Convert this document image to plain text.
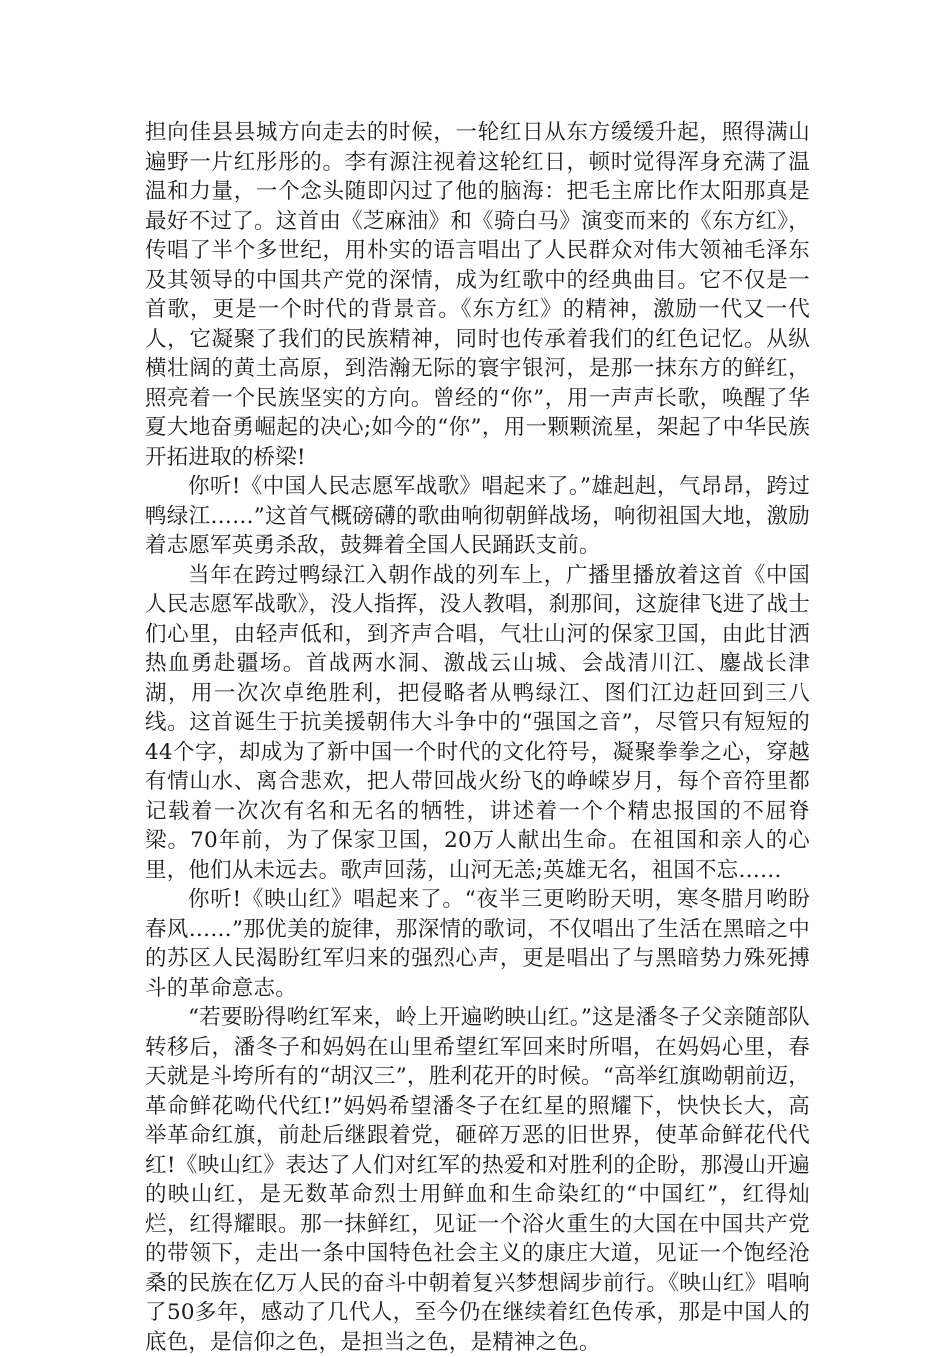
担向佳县县城方向走去的时候，一轮红日从东方缓缓升起，照得满山遍野一片红彤彤的。李有源注视着这轮红日，顿时觉得浑身充满了温温和力量，一个念头随即闪过了他的脑海：把毛主席比作太阳那真是最好不过了。这首由《芝麻油》和《骑白马》演变而来的《东方红》，传唱了半个多世纪，用朴实的语言唱出了人民群众对伟大领袖毛泽东及其领导的中国共产党的深情，成为红歌中的经典曲目。它不仅是一首歌，更是一个时代的背景音。《东方红》的精神，激励一代又一代人，它凝聚了我们的民族精神，同时也传承着我们的红色记忆。从纵横壮阔的黄土高原，到浩瀚无际的寰宇银河，是那一抹东方的鲜红，照亮着一个民族坚实的方向。曾经的“你”，用一声声长歌，唤醒了华夏大地奋勇崛起的决心;如今的“你”，用一颗颗流星，架起了中华民族开拓进取的桥梁!

你听!《中国人民志愿军战歌》唱起来了。”雄赳赳，气昂昂，跨过鸭绿江……”这首气概磅礴的歌曲响彻朝鲜战场，响彻祖国大地，激励着志愿军英勇杀敌，鼓舞着全国人民踊跃支前。

当年在跨过鸭绿江入朝作战的列车上，广播里播放着这首《中国人民志愿军战歌》，没人指挥，没人教唱，刹那间，这旋律飞进了战士们心里，由轻声低和，到齐声合唱，气壮山河的保家卫国，由此甘洒热血勇赴疆场。首战两水洞、激战云山城、会战清川江、鏖战长津湖，用一次次卓绝胜利，把侵略者从鸭绿江、图们江边赶回到三八线。这首诞生于抗美援朝伟大斗争中的“强国之音”，尽管只有短短的44个字，却成为了新中国一个时代的文化符号，凝聚拳拳之心，穿越有情山水、离合悲欢，把人带回战火纷飞的峥嵘岁月，每个音符里都记载着一次次有名和无名的牺牲，讲述着一个个精忠报国的不屈脊梁。70年前，为了保家卫国，20万人献出生命。在祖国和亲人的心里，他们从未远去。歌声回荡，山河无恙;英雄无名，祖国不忘……

你听!《映山红》唱起来了。“夜半三更哟盼天明，寒冬腊月哟盼春风……”那优美的旋律，那深情的歌词，不仅唱出了生活在黑暗之中的苏区人民渴盼红军归来的强烈心声，更是唱出了与黑暗势力殊死搏斗的革命意志。

“若要盼得哟红军来，岭上开遍哟映山红。”这是潘冬子父亲随部队转移后，潘冬子和妈妈在山里希望红军回来时所唱，在妈妈心里，春天就是斗垮所有的“胡汉三”，胜利花开的时候。“高举红旗呦朝前迈，革命鲜花呦代代红!”妈妈希望潘冬子在红星的照耀下，快快长大，高举革命红旗，前赴后继跟着党，砸碎万恶的旧世界，使革命鲜花代代红!《映山红》表达了人们对红军的热爱和对胜利的企盼，那漫山开遍的映山红，是无数革命烈士用鲜血和生命染红的“中国红”，红得灿烂，红得耀眼。那一抹鲜红，见证一个浴火重生的大国在中国共产党的带领下，走出一条中国特色社会主义的康庄大道，见证一个饱经沧桑的民族在亿万人民的奋斗中朝着复兴梦想阔步前行。《映山红》唱响了50多年，感动了几代人，至今仍在继续着红色传承，那是中国人的底色，是信仰之色，是担当之色，是精神之色。
